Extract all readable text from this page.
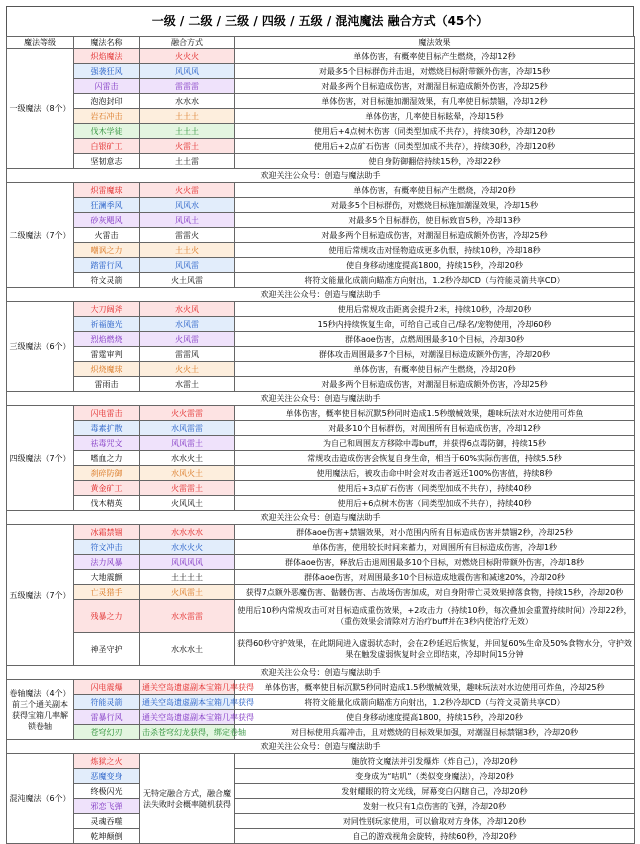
一级 / 二级 / 三级 / 四级 / 五级 / 混沌魔法 融合方式（45个）
魔法等级	魔法名称	融合方式	魔法效果
一级魔法（8个）	炽焰魔法	火火火	单体伤害，有概率使目标产生燃烧，冷却12秒
	强袭狂风	风风风	对最多5个目标群伤并击退，对燃烧目标附带额外伤害，冷却15秒
	闪雷击	雷雷雷	对最多两个目标造成伤害，对潮湿目标造成额外伤害，冷却25秒
	泡泡封印	水水水	单体伤害，对目标施加潮湿效果，有几率使目标禁锢，冷却12秒
	岩石冲击	土土土	单体伤害，几率使目标眩晕，冷却15秒
	伐木学徒	土土土	使用后+4点树木伤害（同类型加成不共存），持续30秒，冷却120秒
	白银矿工	火雷土	使用后+2点矿石伤害（同类型加成不共存），持续30秒，冷却120秒
	坚韧意志	土土雷	使自身防御翻倍持续15秒，冷却22秒
欢迎关注公众号：创造与魔法助手			
二级魔法（7个）	炽雷魔球	火火雷	单体伤害，有概率使目标产生燃烧，冷却20秒
	狂澜季风	风风水	对最多5个目标群伤，对燃烧目标施加潮湿效果，冷却15秒
	砂灰飓风	风风土	对最多5个目标群伤，使目标致盲5秒，冷却13秒
	火雷击	雷雷火	对最多两个目标造成伤害，对潮湿目标造成额外伤害，冷却25秒
	嘲讽之力	土土火	使用后常规攻击对怪物造成更多仇恨，持续10秒，冷却18秒
	踏雷行风	风风雷	使自身移动速度提高1800，持续15秒，冷却20秒
	符文灵箭	火土风雷	将符文能量化成箭向瞄准方向射出，1.2秒冷却CD（与符能灵箭共享CD）
欢迎关注公众号：创造与魔法助手			
三级魔法（6个）	大刀阔斧	水火风	使用后常规攻击距离会提升2米，持续10秒，冷却20秒
	祈福施光	水风雷	15秒内持续恢复生命，可给自己或自己/绿名/宠物使用，冷却60秒
	烈焰燃烧	火风雷	群体aoe伤害，点燃周围最多10个目标，冷却30秒
	雷霆审判	雷雷风	群体攻击周围最多7个目标，对潮湿目标造成额外伤害，冷却20秒
	炽烧魔球	火火土	单体伤害，有概率使目标产生燃烧，冷却20秒
	雷雨击	水雷土	对最多两个目标造成伤害，对潮湿目标造成额外伤害，冷却25秒
欢迎关注公众号：创造与魔法助手			
四级魔法（7个）	闪电雷击	火火雷雷	单体伤害，概率使目标沉默5秒同时造成1.5秒缴械效果，趣味玩法对水边使用可炸鱼
	毒素扩散	水风雷雷	对最多10个目标群伤，对周围所有目标造成伤害，冷却12秒
	祛毒咒文	风风雷土	为自己和周围友方移除中毒buff，并获得6点毒防御，持续15秒
	嗜血之力	水水火土	常规攻击造成伤害会恢复自身生命，相当于60%实际伤害值，持续5.5秒
	刹碎防御	水风火土	使用魔法后，被攻击命中时会对攻击者返还100%伤害值，持续8秒
	黄金矿工	火雷雷土	使用后+3点矿石伤害（同类型加成不共存），持续40秒
	伐木精英	火风风土	使用后+6点树木伤害（同类型加成不共存），持续40秒
欢迎关注公众号：创造与魔法助手			
五级魔法（7个）	冰霜禁锢	水水水水	群体aoe伤害+禁锢效果，对小范围内所有目标造成伤害并禁锢2秒，冷却25秒
	符文冲击	水水火火	单体伤害，使用较长时间来蓄力，对周围所有目标造成伤害，冷却1秒
	法力风暴	风风风风	群体aoe伤害，释放后击退周围最多10个目标，对燃烧目标附带额外伤害，冷却18秒
	大地震颤	土土土土	群体aoe伤害，对周围最多10个目标造成地震伤害和减速20%，冷却20秒
	亡灵猎手	火风雷土	获得7点额外恶魔伤害、骷髅伤害、古战场伤害加成，对自身附带亡灵效果掉落食物，持续15秒，冷却20秒
	残暴之力	水水雷雷	使用后10秒内常规攻击可对目标造成重伤效果，+2攻击力（持续10秒，每次叠加会重置持续时间）冷却22秒，（重伤效果会清除对方治疗buff并在3秒内使治疗无效）
	神圣守护	水水水土	获得60秒守护效果，在此期间进入虚弱状态时，会在2秒延迟后恢复，并回复60%生命及50%食物水分，守护效果在触发虚弱恢复时会立即结束，冷却时间15分钟
欢迎关注公众号：创造与魔法助手			
卷轴魔法（4个）前三个通关副本获得宝箱几率解锁卷轴	闪电震爆	通关空岛遗虚副本宝箱几率获得	单体伤害，概率使目标沉默5秒同时造成1.5秒缴械效果，趣味玩法对水边使用可炸鱼，冷却25秒
	符能灵箭	通关空岛遗虚副本宝箱几率获得	将符文能量化成箭向瞄准方向射出，1.2秒冷却CD（与符文灵箭共享CD）
	雷暴行风	通关空岛遗虚副本宝箱几率获得	使自身移动速度提高1800，持续15秒，冷却20秒
	苍穹幻刃	击杀苍穹幻龙获得，绑定卷轴	对目标使用兵霜冲击，且对燃烧的目标效果加强，对潮湿目标禁锢3秒，冷却20秒
欢迎关注公众号：创造与魔法助手			
混沌魔法（6个）	炼狱之火	无特定融合方式，融合魔法失败时会概率随机获得	施放符文魔法并引发爆炸（炸自己），冷却20秒
	恶魔变身		变身成为“咕叽”（类似变身魔法），冷却20秒
	终极闪光		发射耀眼的符文光线，屏幕变白闪瞎自己，冷却20秒
	邪恋飞弹		发射一枚只有1点伤害的飞弹，冷却20秒
	灵魂吞噬		对同性别玩家使用，可以偷取对方身体，冷却120秒
	乾坤颠倒		自己的游戏视角会旋转，持续60秒，冷却20秒
